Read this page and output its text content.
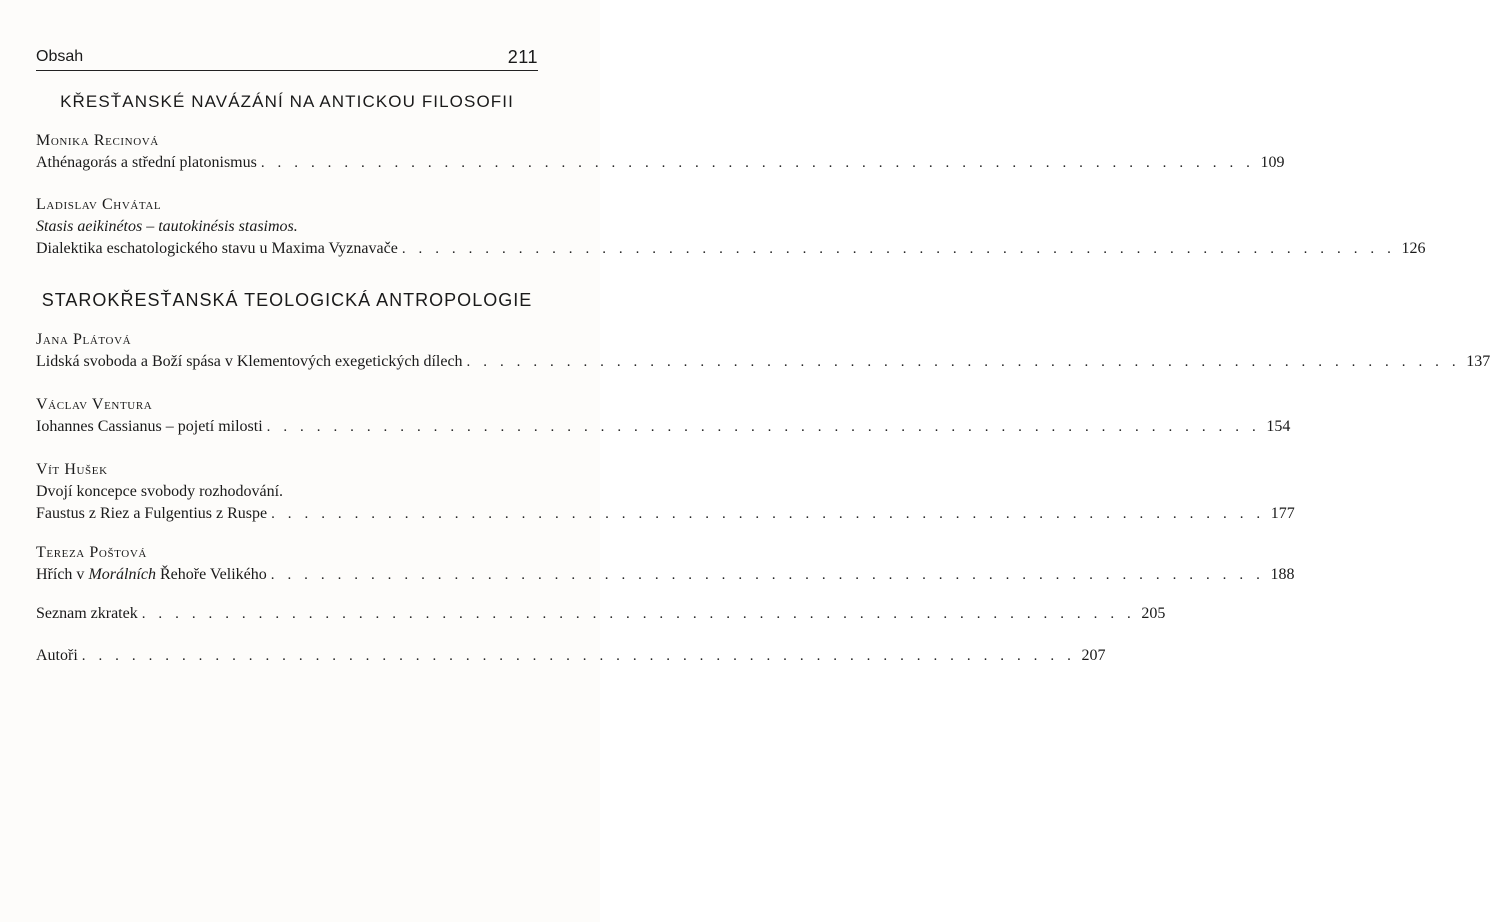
Obsah	211
KŘESŤANSKÉ NAVÁZÁNÍ NA ANTICKOU FILOSOFII
Monika Recinová
Athénagorás a střední platonismus . . . . . . . . . . . . . . . . . . . . . . . . . . . . . . . . . . . . . . . . . . . . . . . . . . . . . . . . . . . . 109
Ladislav Chvátal
Stasis aeikinétos – tautokinésis stasimos.
Dialektika eschatologického stavu u Maxima Vyznavače . . . . . . . . . . . . . . . . . . . . . . . . . . . . . . . . . . . . . . . . . . . . . . . . . . . . . . . . . . . . 126
STAROKŘESŤANSKÁ TEOLOGICKÁ ANTROPOLOGIE
Jana Plátová
Lidská svoboda a Boží spása v Klementových exegetických dílech . . . . . . . . . . . . . . . . . . . . . . . . . . . . . . . . . . . . . . . . . . . . . . . . . . . . . . . . . . . . 137
Václav Ventura
Iohannes Cassianus – pojetí milosti . . . . . . . . . . . . . . . . . . . . . . . . . . . . . . . . . . . . . . . . . . . . . . . . . . . . . . . . . . . . 154
Vít Hušek
Dvojí koncepce svobody rozhodování.
Faustus z Riez a Fulgentius z Ruspe . . . . . . . . . . . . . . . . . . . . . . . . . . . . . . . . . . . . . . . . . . . . . . . . . . . . . . . . . . . . 177
Tereza Poštová
Hřích v Morálních Řehoře Velikého . . . . . . . . . . . . . . . . . . . . . . . . . . . . . . . . . . . . . . . . . . . . . . . . . . . . . . . . . . . . 188
Seznam zkratek . . . . . . . . . . . . . . . . . . . . . . . . . . . . . . . . . . . . . . . . . . . . . . . . . . . . . . . . . . . . 205
Autoři . . . . . . . . . . . . . . . . . . . . . . . . . . . . . . . . . . . . . . . . . . . . . . . . . . . . . . . . . . . . 207
